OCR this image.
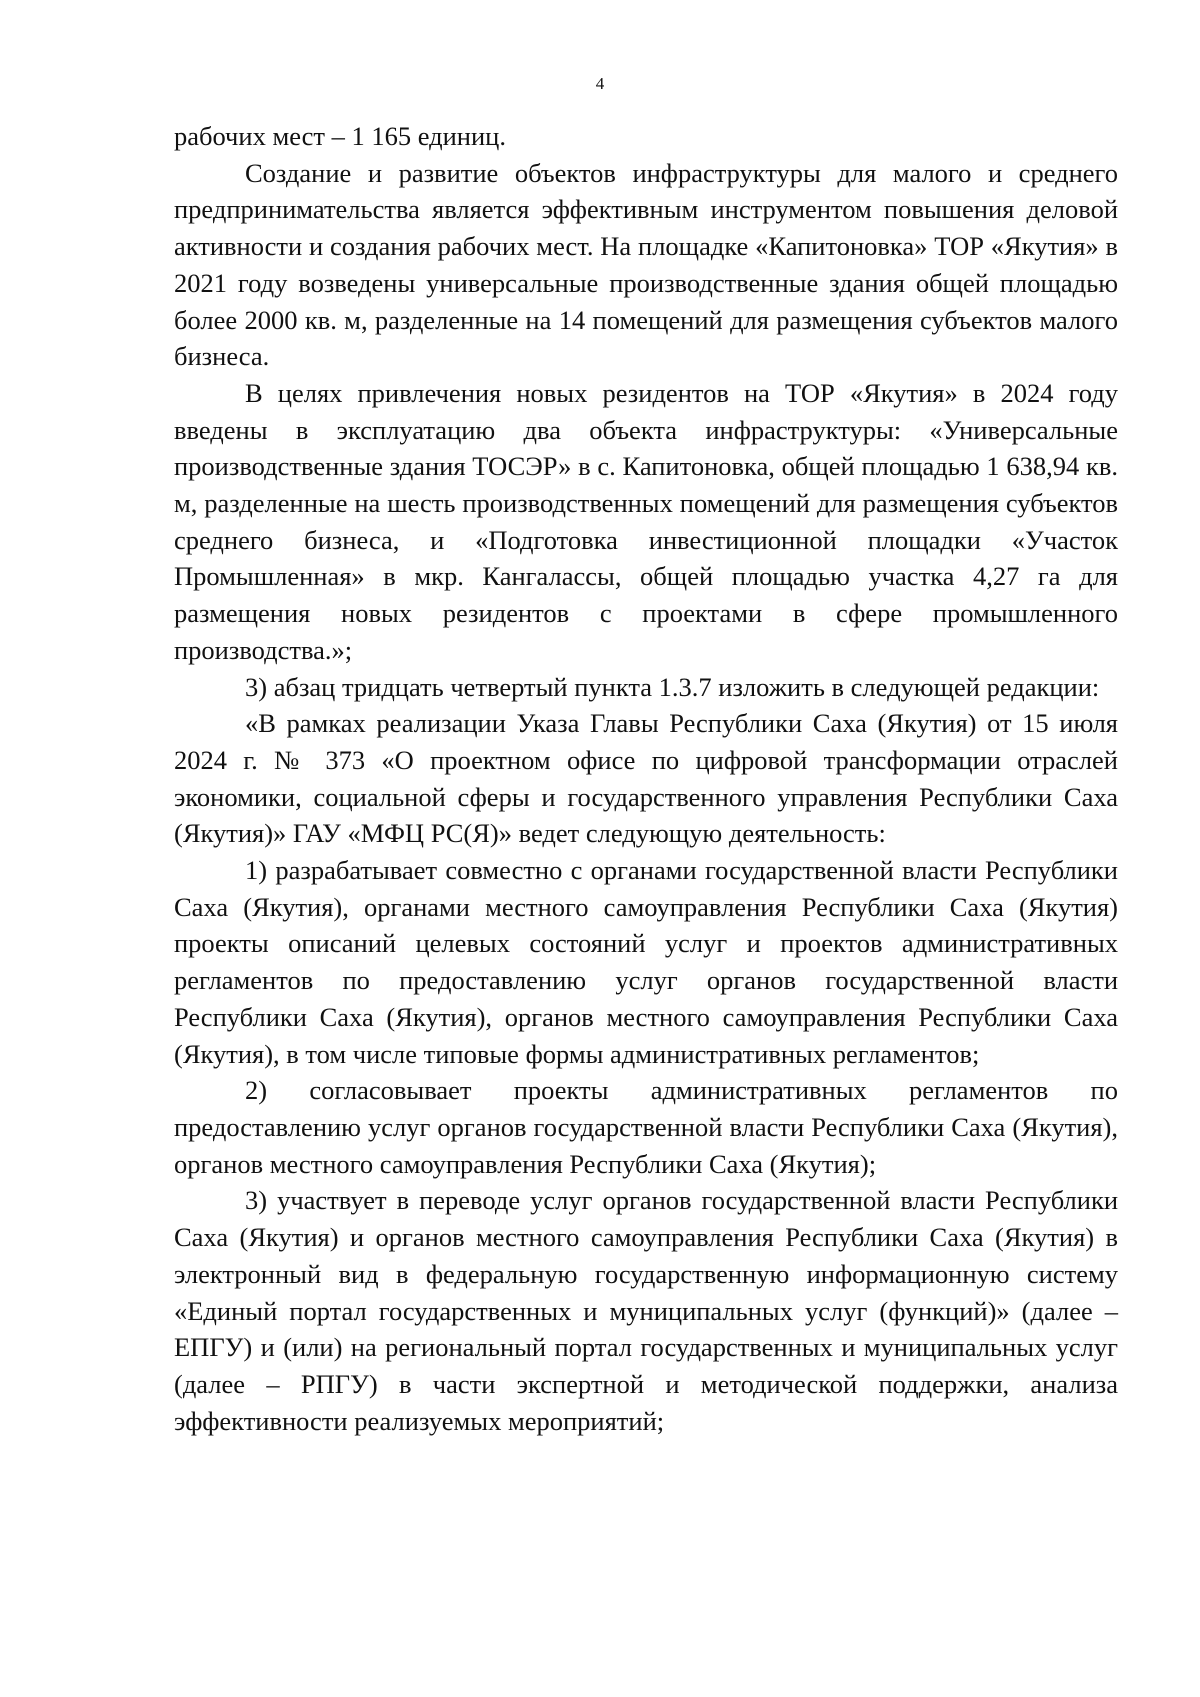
4

рабочих мест – 1 165 единиц.

Создание и развитие объектов инфраструктуры для малого и среднего предпринимательства является эффективным инструментом повышения деловой активности и создания рабочих мест. На площадке «Капитоновка» ТОР «Якутия» в 2021 году возведены универсальные производственные здания общей площадью более 2000 кв. м, разделенные на 14 помещений для размещения субъектов малого бизнеса.

В целях привлечения новых резидентов на ТОР «Якутия» в 2024 году введены в эксплуатацию два объекта инфраструктуры: «Универсальные производственные здания ТОСЭР» в с. Капитоновка, общей площадью 1 638,94 кв. м, разделенные на шесть производственных помещений для размещения субъектов среднего бизнеса, и «Подготовка инвестиционной площадки «Участок Промышленная» в мкр. Кангалассы, общей площадью участка 4,27 га для размещения новых резидентов с проектами в сфере промышленного производства.»;

3) абзац тридцать четвертый пункта 1.3.7 изложить в следующей редакции:

«В рамках реализации Указа Главы Республики Саха (Якутия) от 15 июля 2024 г. № 373 «О проектном офисе по цифровой трансформации отраслей экономики, социальной сферы и государственного управления Республики Саха (Якутия)» ГАУ «МФЦ РС(Я)» ведет следующую деятельность:

1) разрабатывает совместно с органами государственной власти Республики Саха (Якутия), органами местного самоуправления Республики Саха (Якутия) проекты описаний целевых состояний услуг и проектов административных регламентов по предоставлению услуг органов государственной власти Республики Саха (Якутия), органов местного самоуправления Республики Саха (Якутия), в том числе типовые формы административных регламентов;

2) согласовывает проекты административных регламентов по предоставлению услуг органов государственной власти Республики Саха (Якутия), органов местного самоуправления Республики Саха (Якутия);

3) участвует в переводе услуг органов государственной власти Республики Саха (Якутия) и органов местного самоуправления Республики Саха (Якутия) в электронный вид в федеральную государственную информационную систему «Единый портал государственных и муниципальных услуг (функций)» (далее – ЕПГУ) и (или) на региональный портал государственных и муниципальных услуг (далее – РПГУ) в части экспертной и методической поддержки, анализа эффективности реализуемых мероприятий;
